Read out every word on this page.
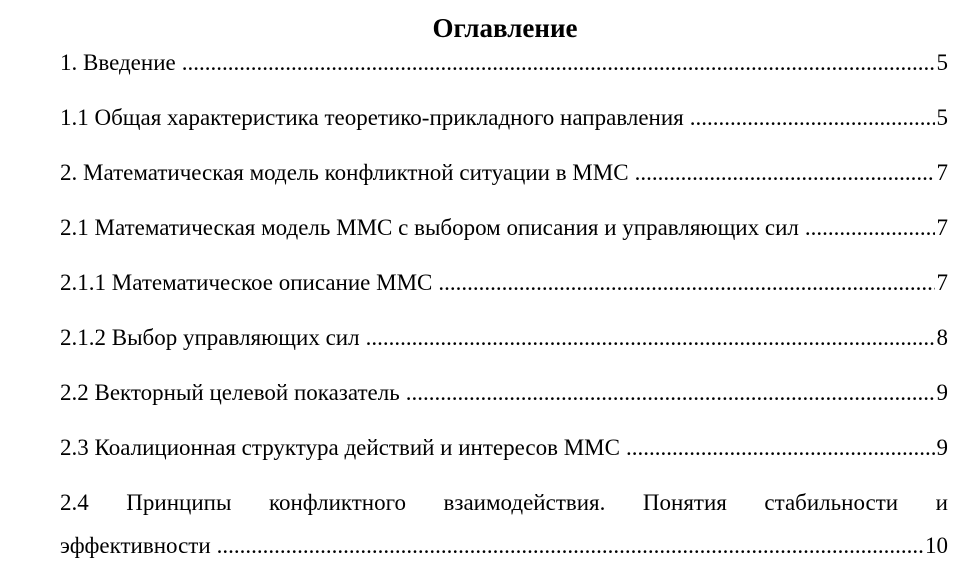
Оглавление
1. Введение .....	5
1.1 Общая характеристика теоретико-прикладного направления .....	5
2. Математическая модель конфликтной ситуации в ММС .....	7
2.1 Математическая модель ММС с выбором описания и управляющих сил .....	7
2.1.1 Математическое описание ММС .....	7
2.1.2 Выбор управляющих сил .....	8
2.2 Векторный целевой показатель .....	9
2.3 Коалиционная структура действий и интересов ММС .....	9
2.4 Принципы конфликтного взаимодействия. Понятия стабильности и
эффективности .....	10
